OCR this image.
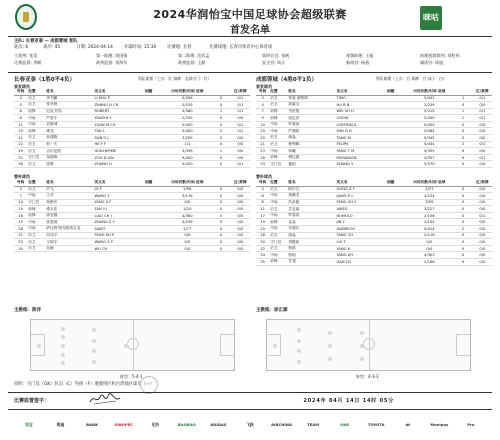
2024华润怡宝中国足球协会超级联赛
首发名单
咪咕
主队: 长春亚泰 — 成都蓉城 客队
轮次: 6	场序: 45	日期: 2024-04-14	开球时间: 15:30	比赛地: 长春	比赛场地: 长春市体育中心体育场
主裁判: 张雷	第一助理: 周国强	第二助理: 范其孟	第四官员: 张帆	视频助理: 王迪	助理视频裁判: 刘松伟
比赛监督: 李顺	裁判监督: 刘海军	裁判监督: 王静	安全官: 周兵	新闻官: 杨燕	媒体官: 周旭
长春亚泰（1胜0平4负）	领队助理（上衣：红 绿裤：北球守门：红）	成都蓉城（4胜0平1负）	领队助理（上衣：白 球裤：白 袜子：白）
首发球员	首发球员
号码	位置	姓名	英文名	国籍	出场次数/时间 进球		红/黄牌
4	后卫	李书鹏	LI SHU P		5/356	0	0/1
5	后卫	张华晨	ZHANG H CH		2/155	0	0/1
6	前锋	尼克·因尔	ROBERT		4/360	1	0/1
8	中场	严智宇	YANZHI Y		2/109	0	0/0
11	中场	袁敏城	YUAN M CH		5/450	0	0/1
19	前锋	谭龙	TAN L		5/450	2	0/1
21	后卫	孙捷隆	SUN G L		3/259	0	0/0
22	后卫	何一夫	HE Y F		1/1	0	0/0
29	后卫	吉尔尼波	GUILHERME		5/398	1	0/0
32	守门员	邹德海	ZOU D HAI		5/450	0	0/0
36	后卫	张辉	ZHANG H		5/420	0	0/1
号码	位置	姓名	英文名	国籍	出场次数/时间 进球		红/黄牌
3	后卫	蒂莫·莱特纳	TIMO		5/441	1	0/1
4	后卫	胡睿宝	HU R B		2/239	0	0/0
7	前锋	韦世豪	WEI SH H		5/315	1	0/1
9	前锋	周定洋	CHOW		5/450	1	0/1
10	中场	罗慕洛	LORFINSUL		5/450	0	0/0
15	中场	严鼎皓	YAN D H		5/264	0	0/0
20	后卫	唐淼	TANG M		5/345	0	0/0
21	后卫	费利佩	FELIPE		5/444	2	0/1
23	中场	杨曦	YANG T M		5/355	0	0/0
26	前锋	穆拉德	MURADIAN		4/357	0	0/1
33	守门员	蹇韬	ZHANG Y		5/370	0	0/0
替补球员	替补球员
号码	位置	姓名	英文名	国籍	出场次数/时间 进球		红/黄牌
3	后卫	吕飞	LV F		2/96	0	0/0
7	中场	王彦	WANG Y		3/176	0	0/0
14	守门员	杨斯伏	YANG S F		0/0	0	0/0
15	前锋	谭永佳	TAN Y J		2/20	0	0/0
16	前锋	廖至健	LIAO CH J		4/360	0	0/0
25	中场	张思源	ZHANG S Y		4/106	0	0/0
26	中场	萨比特·阿布都热扎克	SABIT		2/77	0	0/0
31	后卫	冯诗平	FENG SH P		0/0	0	0/0
33	后卫	王硕宇	WANG S Y		0/0	0	0/0
35	后卫	吴驰	WU CH		0/0	0	0/0
号码	位置	姓名	英文名	国籍	出场次数/时间 进球		红/黄牌
5	后卫	阿尔瓦	GONG Z F		2/37	0	0/0
6	中场	蒋鹏龙	JIANG P L		4/154	0	0/0
8	中场	冯卓毅	FENG ZH Y		3/95	0	0/0
11	后卫	艾克森	AIKES		3/227	0	0/0
17	中场	罗慕洛	ROMULO		2/156	0	0/1
19	前锋	金焱	JIN Y		2/104	0	0/0
25	中场	安德尔	ANDREOS		5/414	2	0/0
28	后卫	唐淼	TANG CH		2/116	0	0/0
30	守门员	刘殿座	LIU T		0/0	0	0/0
32	后卫	杨凯	YANG K		0/0	0	0/0
34	中场	邢雨	YANG ZH		4/303	0	0/0
35	前锋	甘超	GAN CH		2/168	0	0/0
主教练：陈洋	主教练：徐正源
阵型：5-4-1	阵型：4-3-3
说明：守门员（GK）队员（C）外援（F）港澳特区和台湾地区球员（☆）
比赛监督签字：	2024年 04月 14日 14时 05分
怡宝	锐迪	BANK	SINOPEC	足协	BAOBAO	ADIDAS	飞跃	AIRCHINA	TEAM	ONE	TOYOTA	dt	Manipay	Pro
